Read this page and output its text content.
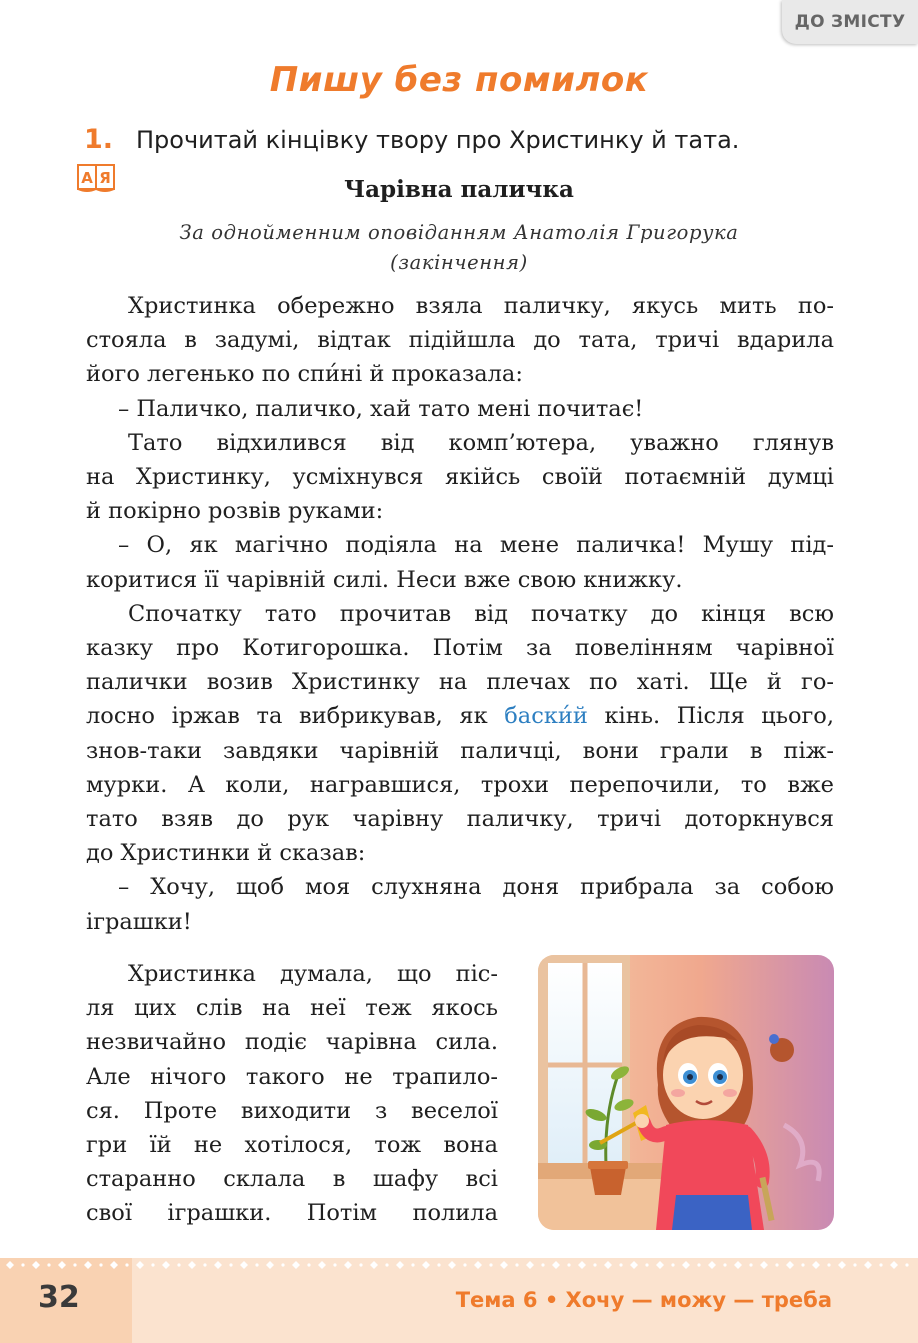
ДО ЗМІСТУ
Пишу без помилок
1. Прочитай кінцівку твору про Христинку й тата.
А Я	Чарівна паличка
За однойменним оповіданням Анатолія Григорука
(закінчення)
Христинка обережно взяла паличку, якусь мить по-
стояла в задумі, відтак підійшла до тата, тричі вдарила
його легенько по спи́ні й проказала:
– Паличко, паличко, хай тато мені почитає!
Тато відхилився від комп’ютера, уважно глянув
на Христинку, усміхнувся якійсь своїй потаємній думці
й покірно розвів руками:
– О, як магічно подіяла на мене паличка! Мушу під-
коритися її чарівній силі. Неси вже свою книжку.
Спочатку тато прочитав від початку до кінця всю
казку про Котигорошка. Потім за повелінням чарівної
палички возив Христинку на плечах по хаті. Ще й го-
лосно іржав та вибрикував, як баски́й кінь. Після цього,
знов-таки завдяки чарівній паличці, вони грали в піж-
мурки. А коли, награвшися, трохи перепочили, то вже
тато взяв до рук чарівну паличку, тричі доторкнувся
до Христинки й сказав:
– Хочу, щоб моя слухняна доня прибрала за собою
іграшки!
Христинка думала, що піс-
ля цих слів на неї теж якось
незвичайно подіє чарівна сила.
Але нічого такого не трапило-
ся. Проте виходити з веселої
гри їй не хотілося, тож вона
старанно склала в шафу всі
свої іграшки. Потім полила
32	Тема 6 • Хочу — можу — треба
